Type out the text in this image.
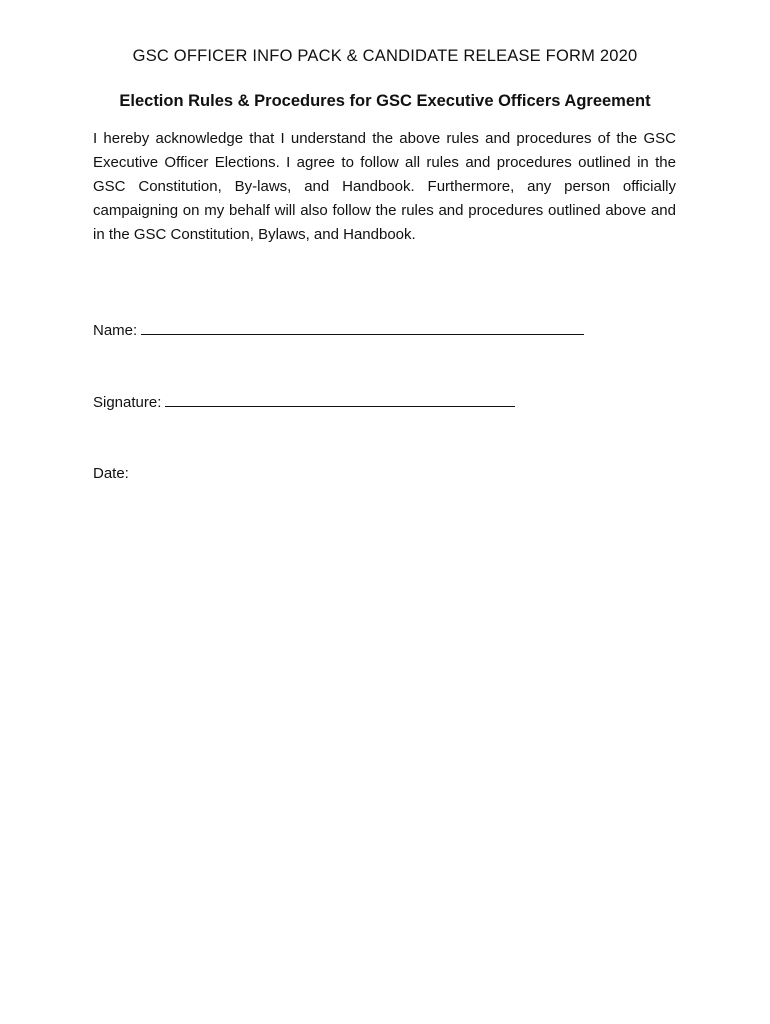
GSC OFFICER INFO PACK & CANDIDATE RELEASE FORM 2020
Election Rules & Procedures for GSC Executive Officers Agreement

I hereby acknowledge that I understand the above rules and procedures of the GSC Executive Officer Elections. I agree to follow all rules and procedures outlined in the GSC Constitution, By-laws, and Handbook. Furthermore, any person officially campaigning on my behalf will also follow the rules and procedures outlined above and in the GSC Constitution, Bylaws, and Handbook.

Name:
Signature:
Date:
